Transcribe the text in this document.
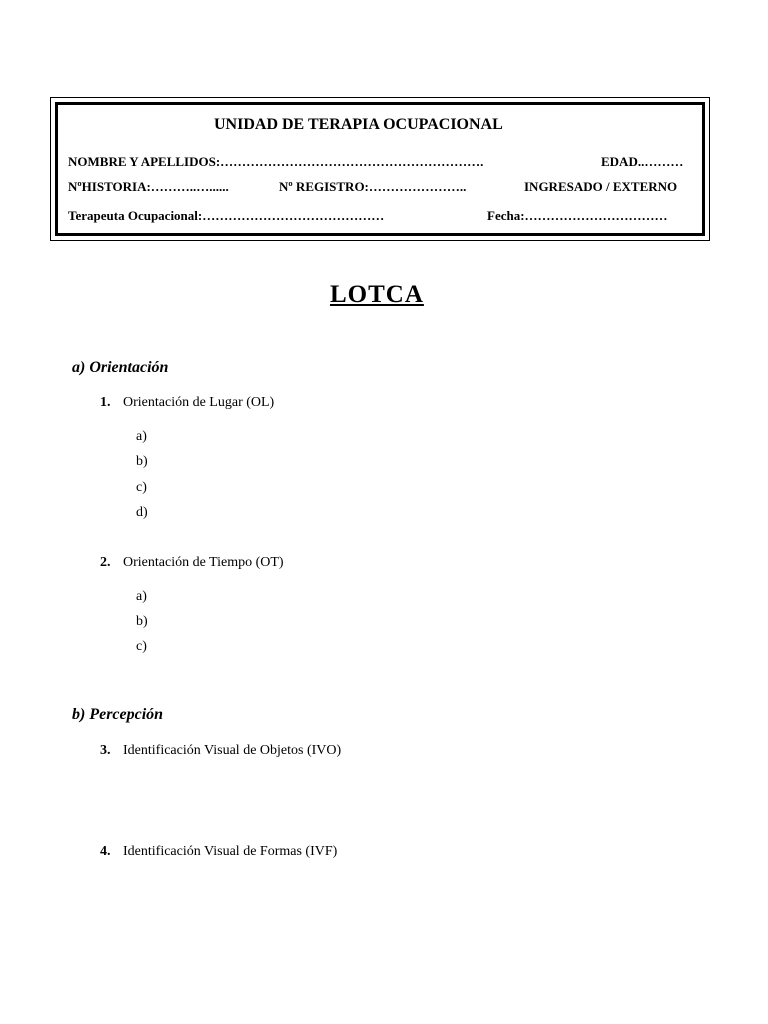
UNIDAD DE TERAPIA OCUPACIONAL
NOMBRE Y APELLIDOS:…………………………………………………….	EDAD..………
NºHISTORIA:………..…......	Nº REGISTRO:…………………..	INGRESADO / EXTERNO
Terapeuta Ocupacional:……………………………………	Fecha:……………………………
LOTCA
a) Orientación
1. Orientación de Lugar (OL)
a)
b)
c)
d)
2. Orientación de Tiempo (OT)
a)
b)
c)
b) Percepción
3. Identificación Visual de Objetos (IVO)
4. Identificación Visual de Formas (IVF)
